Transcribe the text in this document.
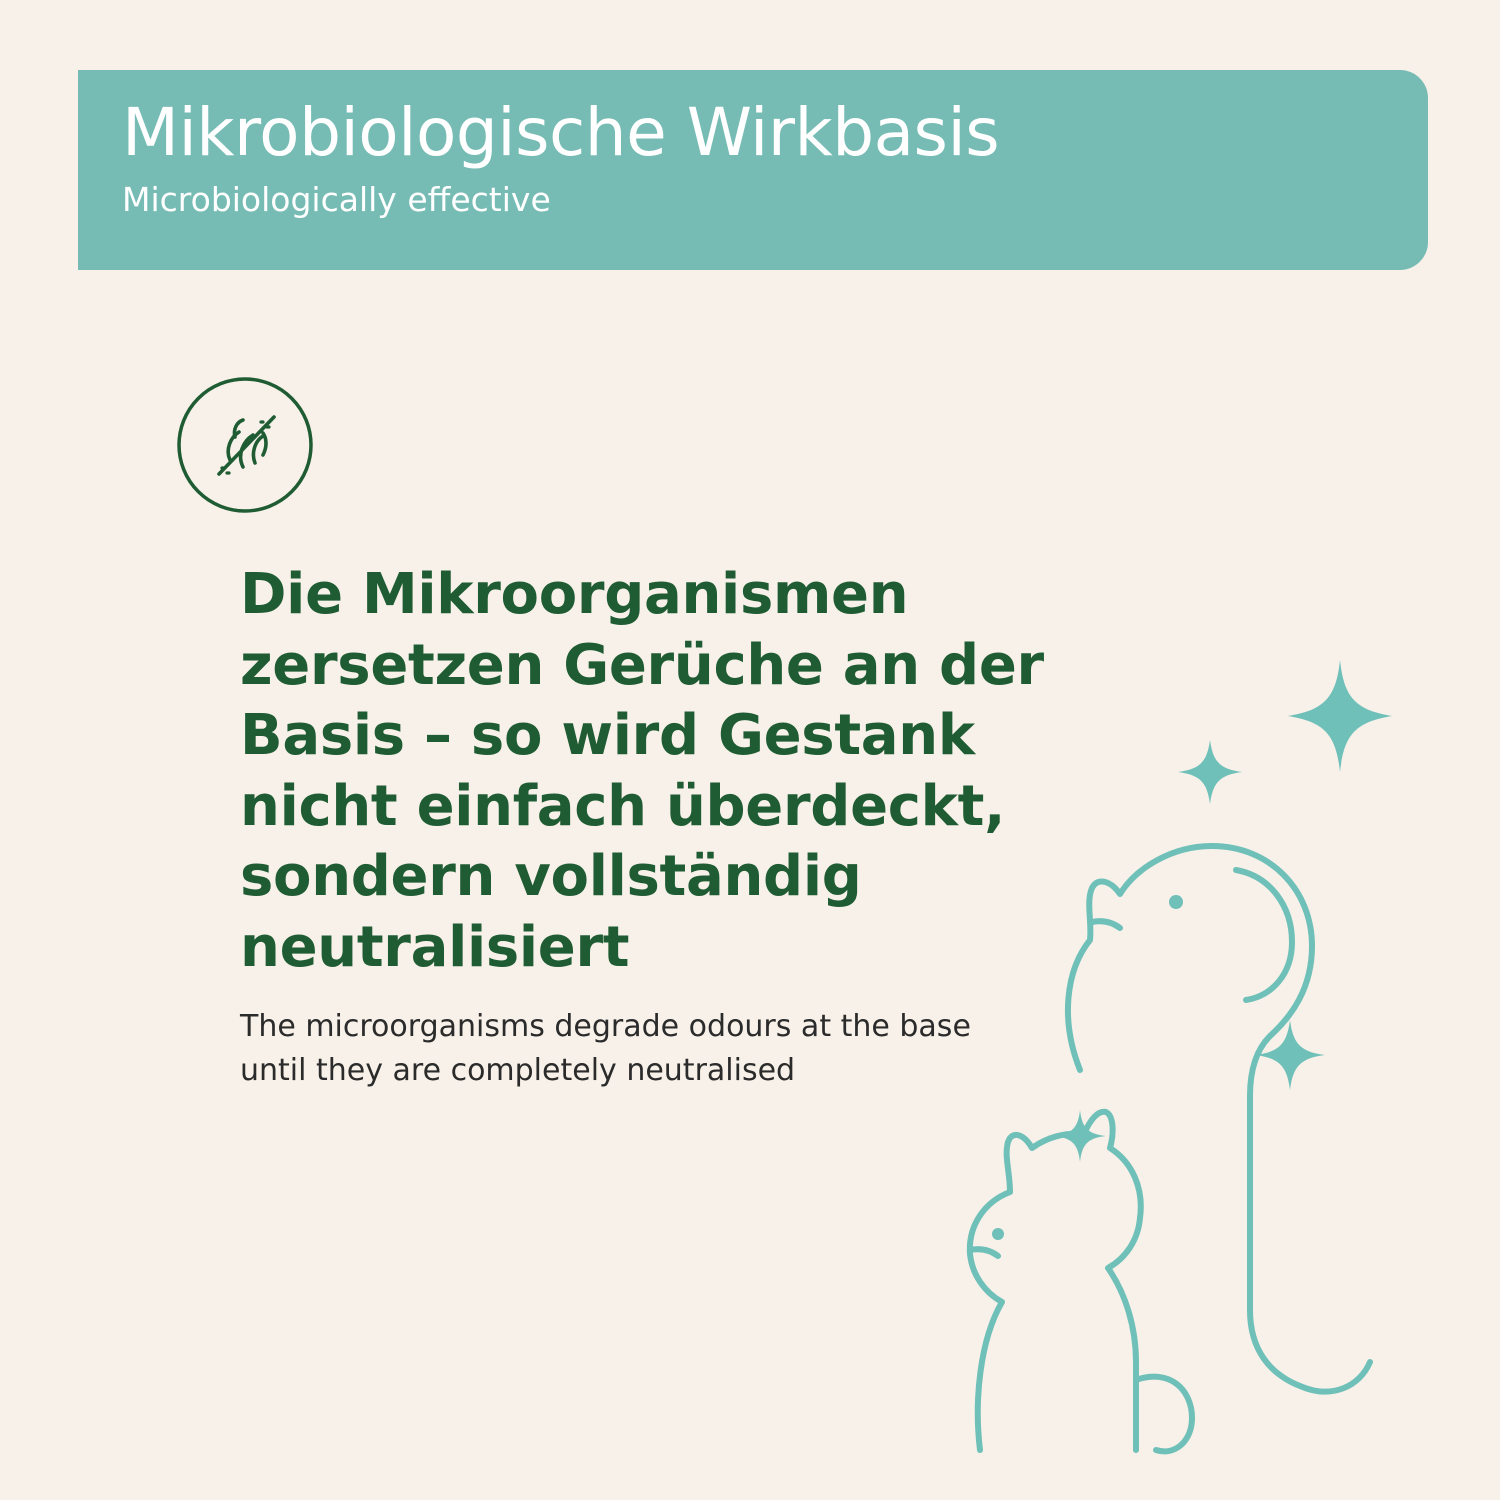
Mikrobiologische Wirkbasis
Microbiologically effective
Die Mikroorganismen zersetzen Gerüche an der Basis – so wird Gestank nicht einfach überdeckt, sondern vollständig neutralisiert

The microorganisms degrade odours at the base until they are completely neutralised
